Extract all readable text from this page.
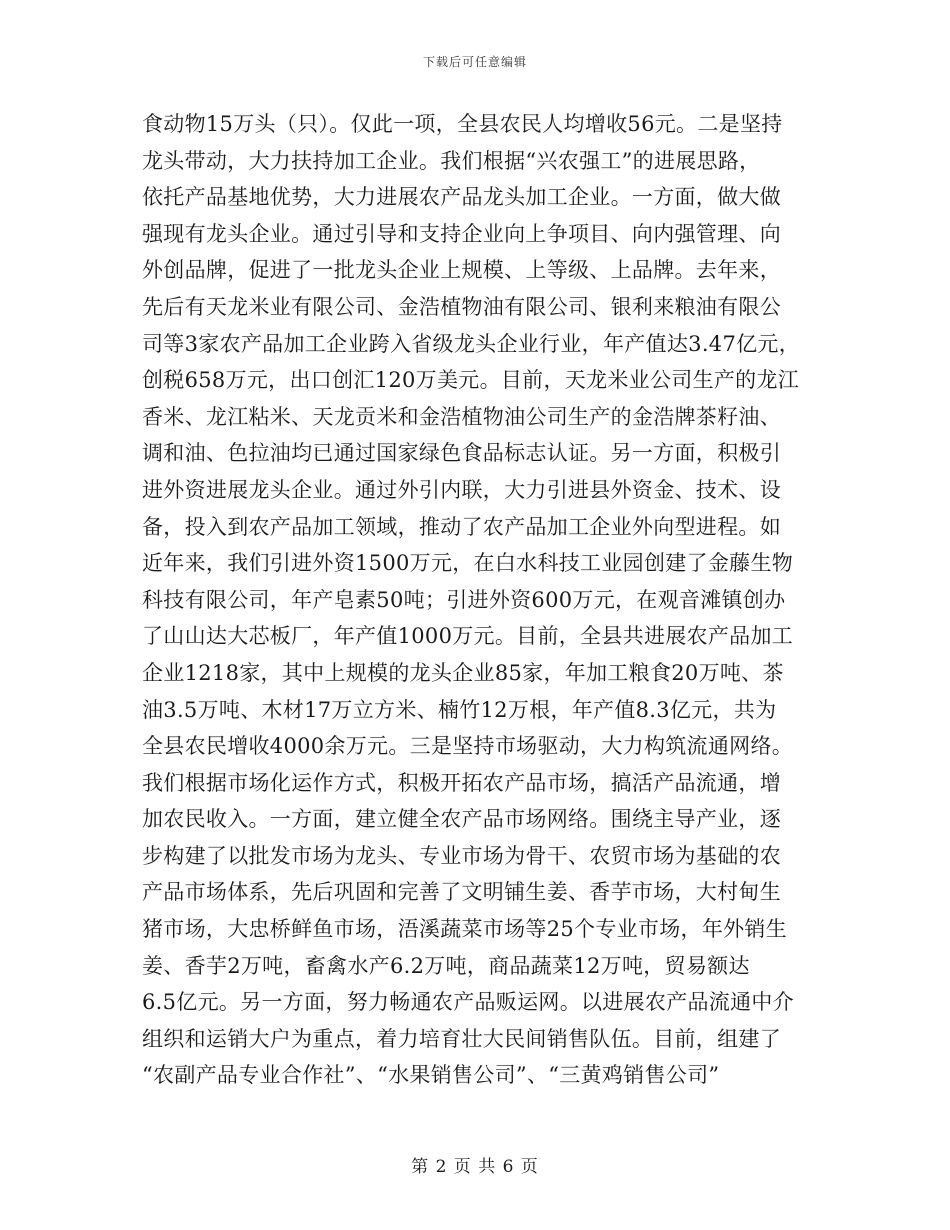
下载后可任意编辑
食动物15万头（只）。仅此一项，全县农民人均增收56元。二是坚持
龙头带动，大力扶持加工企业。我们根据“兴农强工”的进展思路，
依托产品基地优势，大力进展农产品龙头加工企业。一方面，做大做
强现有龙头企业。通过引导和支持企业向上争项目、向内强管理、向
外创品牌，促进了一批龙头企业上规模、上等级、上品牌。去年来，
先后有天龙米业有限公司、金浩植物油有限公司、银利来粮油有限公
司等3家农产品加工企业跨入省级龙头企业行业，年产值达3.47亿元，
创税658万元，出口创汇120万美元。目前，天龙米业公司生产的龙江
香米、龙江粘米、天龙贡米和金浩植物油公司生产的金浩牌茶籽油、
调和油、色拉油均已通过国家绿色食品标志认证。另一方面，积极引
进外资进展龙头企业。通过外引内联，大力引进县外资金、技术、设
备，投入到农产品加工领域，推动了农产品加工企业外向型进程。如
近年来，我们引进外资1500万元，在白水科技工业园创建了金藤生物
科技有限公司，年产皂素50吨；引进外资600万元，在观音滩镇创办
了山山达大芯板厂，年产值1000万元。目前，全县共进展农产品加工
企业1218家，其中上规模的龙头企业85家，年加工粮食20万吨、茶
油3.5万吨、木材17万立方米、楠竹12万根，年产值8.3亿元，共为
全县农民增收4000余万元。三是坚持市场驱动，大力构筑流通网络。
我们根据市场化运作方式，积极开拓农产品市场，搞活产品流通，增
加农民收入。一方面，建立健全农产品市场网络。围绕主导产业，逐
步构建了以批发市场为龙头、专业市场为骨干、农贸市场为基础的农
产品市场体系，先后巩固和完善了文明铺生姜、香芋市场，大村甸生
猪市场，大忠桥鲜鱼市场，浯溪蔬菜市场等25个专业市场，年外销生
姜、香芋2万吨，畜禽水产6.2万吨，商品蔬菜12万吨，贸易额达
6.5亿元。另一方面，努力畅通农产品贩运网。以进展农产品流通中介
组织和运销大户为重点，着力培育壮大民间销售队伍。目前，组建了
“农副产品专业合作社”、“水果销售公司”、“三黄鸡销售公司”
第 2 页 共 6 页
